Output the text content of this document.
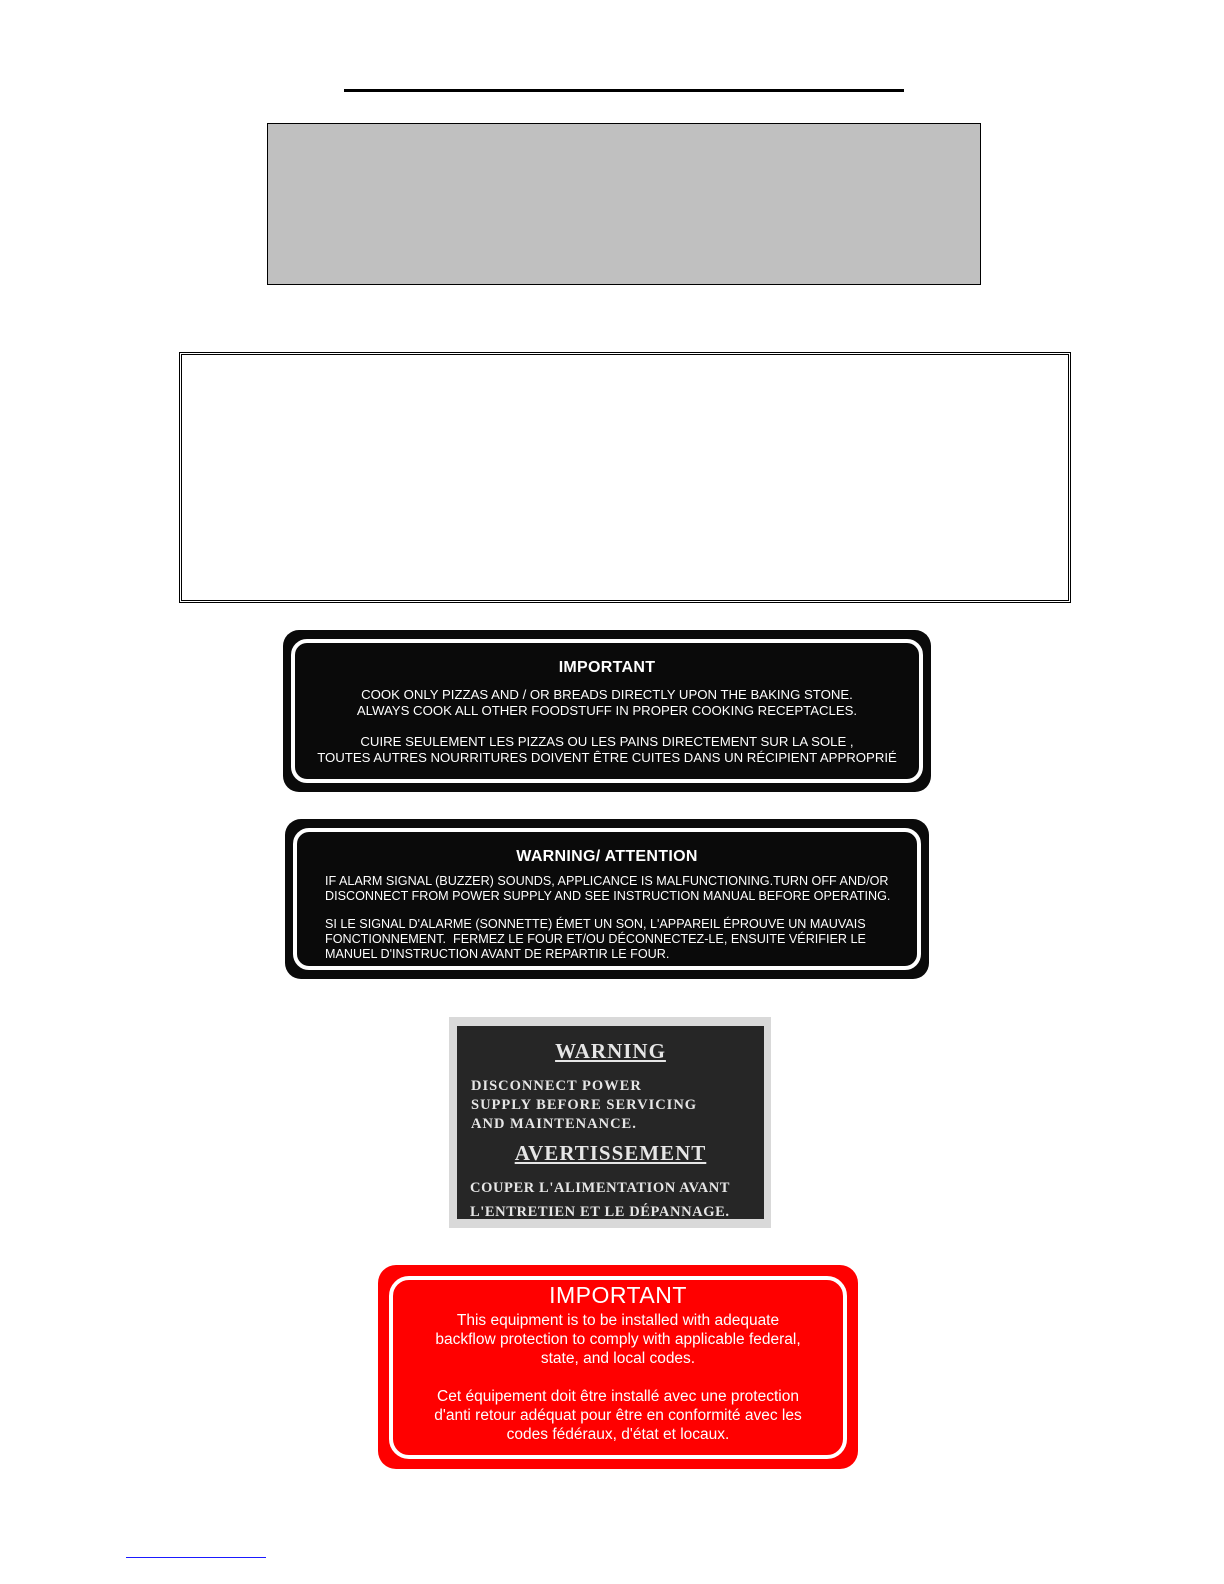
IMPORTANT
COOK ONLY PIZZAS AND / OR BREADS DIRECTLY UPON THE BAKING STONE.
ALWAYS COOK ALL OTHER FOODSTUFF IN PROPER COOKING RECEPTACLES.
CUIRE SEULEMENT LES PIZZAS OU LES PAINS DIRECTEMENT SUR LA SOLE ,
TOUTES AUTRES NOURRITURES DOIVENT ÊTRE CUITES DANS UN RÉCIPIENT APPROPRIÉ
WARNING/ ATTENTION
IF ALARM SIGNAL (BUZZER) SOUNDS, APPLICANCE IS MALFUNCTIONING.TURN OFF AND/OR
DISCONNECT FROM POWER SUPPLY AND SEE INSTRUCTION MANUAL BEFORE OPERATING.
SI LE SIGNAL D'ALARME (SONNETTE) ÉMET UN SON, L'APPAREIL ÉPROUVE UN MAUVAIS
FONCTIONNEMENT.  FERMEZ LE FOUR ET/OU DÉCONNECTEZ-LE, ENSUITE VÉRIFIER LE
MANUEL D'INSTRUCTION AVANT DE REPARTIR LE FOUR.
WARNING
DISCONNECT POWER
SUPPLY BEFORE SERVICING
AND MAINTENANCE.
AVERTISSEMENT
COUPER L'ALIMENTATION AVANT
L'ENTRETIEN ET LE DÉPANNAGE.
IMPORTANT
This equipment is to be installed with adequate
backflow protection to comply with applicable federal,
state, and local codes.
Cet équipement doit être installé avec une protection
d'anti retour adéquat pour être en conformité avec les
codes fédéraux, d'état et locaux.
